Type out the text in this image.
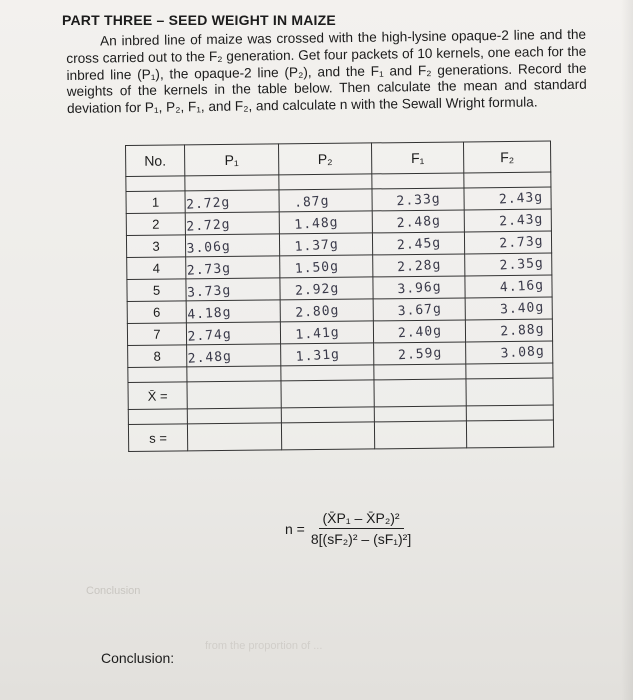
PART THREE – SEED WEIGHT IN MAIZE

An inbred line of maize was crossed with the high-lysine opaque-2 line and the cross carried out to the F₂ generation. Get four packets of 10 kernels, one each for the inbred line (P₁), the opaque-2 line (P₂), and the F₁ and F₂ generations. Record the weights of the kernels in the table below. Then calculate the mean and standard deviation for P₁, P₂, F₁, and F₂, and calculate n with the Sewall Wright formula.

No.	P₁	P₂	F₁	F₂

1	2.72g	.87g	2.33g	2.43g
2	2.72g	1.48g	2.48g	2.43g
3	3.06g	1.37g	2.45g	2.73g
4	2.73g	1.50g	2.28g	2.35g
5	3.73g	2.92g	3.96g	4.16g
6	4.18g	2.80g	3.67g	3.40g
7	2.74g	1.41g	2.40g	2.88g
8	2.48g	1.31g	2.59g	3.08g

X̄ =				

s =				
$n = \frac{\text{(X̄P₁ – X̄P₂)²}}{\text{8[(sF₂)² – (sF₁)²]}}$
Conclusion
from the proportion of ...
Conclusion:
